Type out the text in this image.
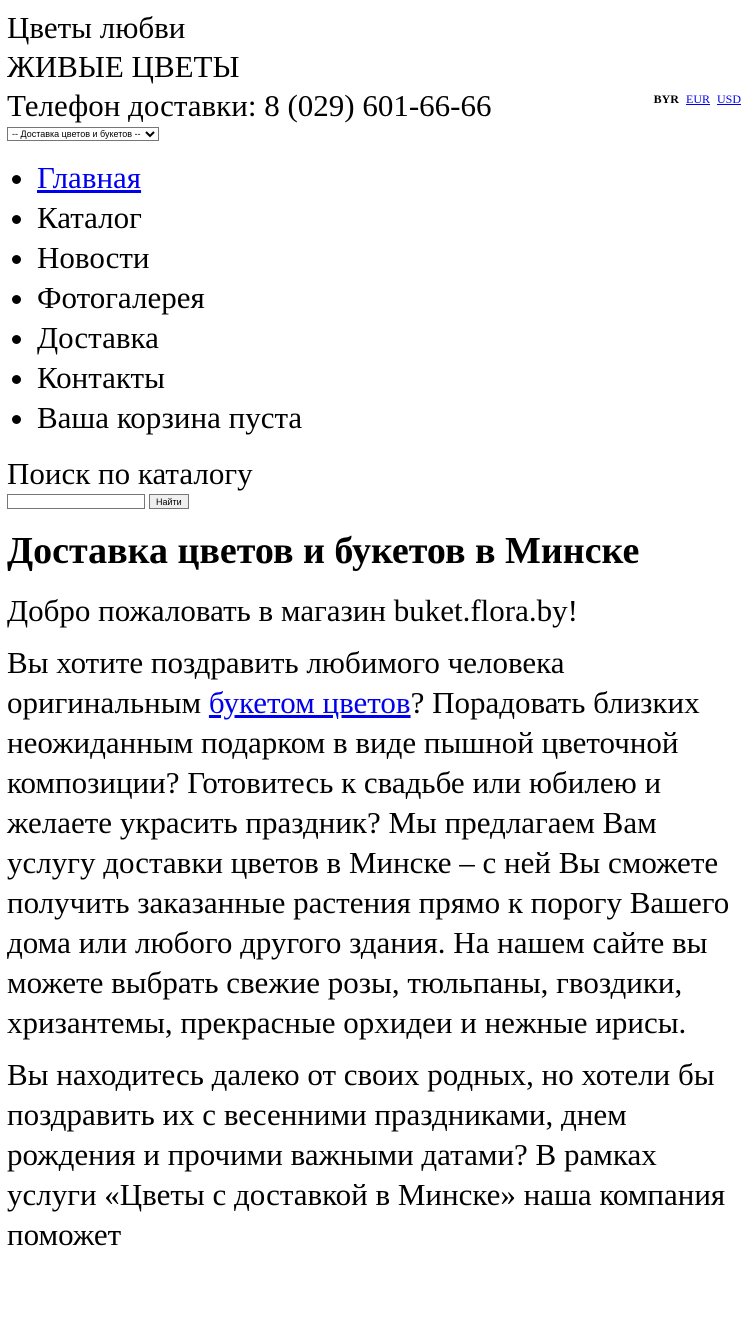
Цветы любви
ЖИВЫЕ ЦВЕТЫ
Телефон доставки: 8 (029) 601-66-66	BYR EUR USD
-- Доставка цветов и букетов --
• Главная
• Каталог
• Новости
• Фотогалерея
• Доставка
• Контакты
• Ваша корзина пуста
Поиск по каталогу
Найти
Доставка цветов и букетов в Минске

Добро пожаловать в магазин buket.flora.by!

Вы хотите поздравить любимого человека оригинальным букетом цветов? Порадовать близких неожиданным подарком в виде пышной цветочной композиции? Готовитесь к свадьбе или юбилею и желаете украсить праздник? Мы предлагаем Вам услугу доставки цветов в Минске – с ней Вы сможете получить заказанные растения прямо к порогу Вашего дома или любого другого здания. На нашем сайте вы можете выбрать свежие розы, тюльпаны, гвоздики, хризантемы, прекрасные орхидеи и нежные ирисы.

Вы находитесь далеко от своих родных, но хотели бы поздравить их с весенними праздниками, днем рождения и прочими важными датами? В рамках услуги «Цветы с доставкой в Минске» наша компания поможет
